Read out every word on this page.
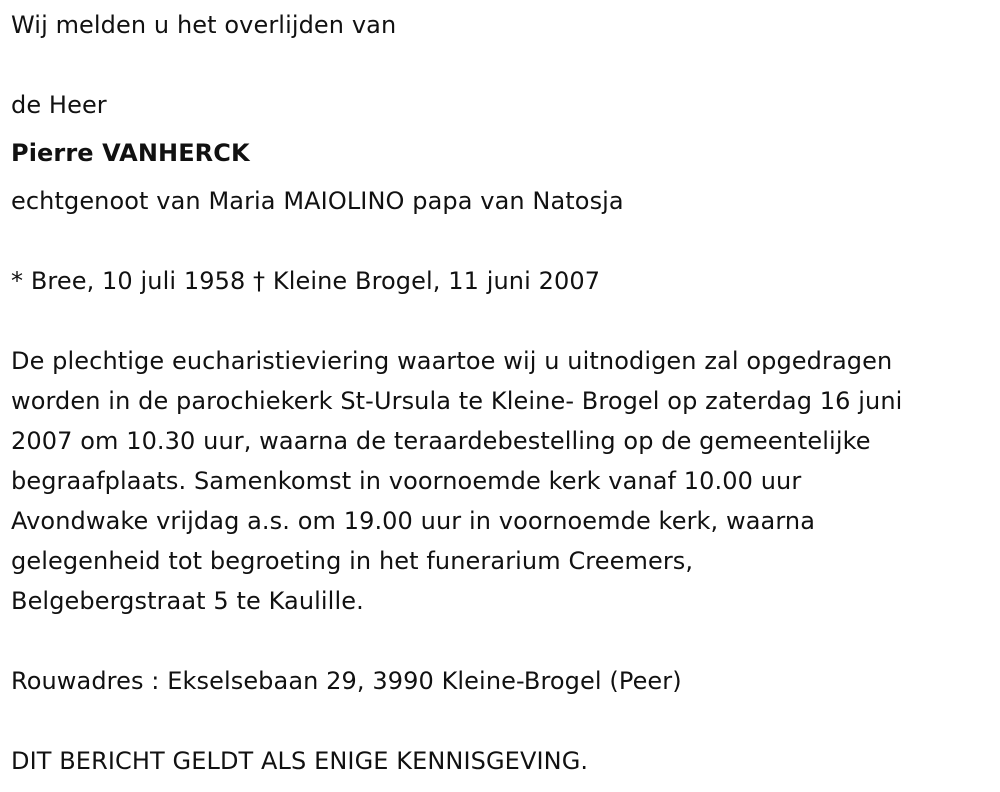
Wij melden u het overlijden van
de Heer
Pierre VANHERCK
echtgenoot van Maria MAIOLINO papa van Natosja
* Bree, 10 juli 1958 † Kleine Brogel, 11 juni 2007
De plechtige eucharistieviering waartoe wij u uitnodigen zal opgedragen
worden in de parochiekerk St-Ursula te Kleine- Brogel op zaterdag 16 juni
2007 om 10.30 uur, waarna de teraardebestelling op de gemeentelijke
begraafplaats. Samenkomst in voornoemde kerk vanaf 10.00 uur
Avondwake vrijdag a.s. om 19.00 uur in voornoemde kerk, waarna
gelegenheid tot begroeting in het funerarium Creemers,
Belgebergstraat 5 te Kaulille.
Rouwadres : Ekselsebaan 29, 3990 Kleine-Brogel (Peer)
DIT BERICHT GELDT ALS ENIGE KENNISGEVING.
